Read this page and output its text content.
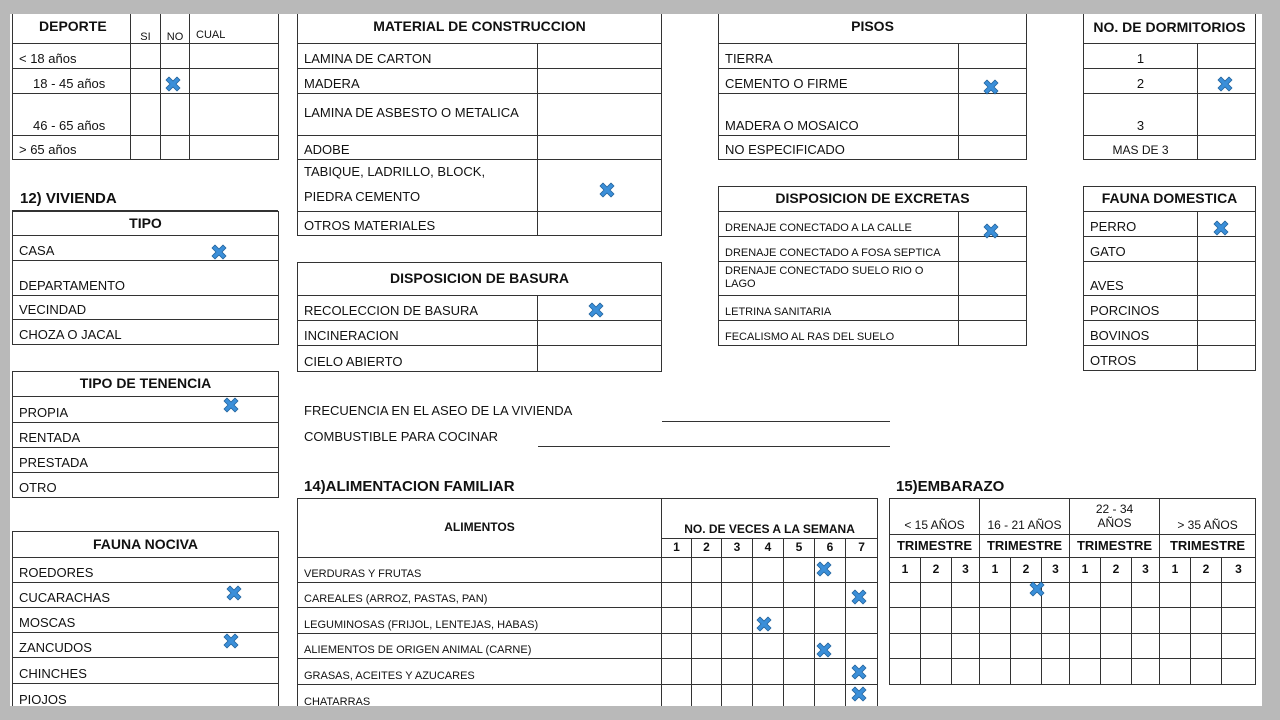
DEPORTE	SI	NO	CUAL
< 18 años			
18 - 45 años			
46 - 65 años			
> 65 años			
MATERIAL DE CONSTRUCCION	
LAMINA DE CARTON	
MADERA	
LAMINA DE ASBESTO O METALICA	
ADOBE	
TABIQUE, LADRILLO, BLOCK, PIEDRA CEMENTO	
OTROS MATERIALES	
PISOS	
TIERRA	
CEMENTO O FIRME	
MADERA O MOSAICO	
NO ESPECIFICADO	
NO. DE DORMITORIOS	
1	
2	
3	
MAS DE 3	
12) VIVIENDA
TIPO
CASA
DEPARTAMENTO
VECINDAD
CHOZA O JACAL
TIPO DE TENENCIA
PROPIA
RENTADA
PRESTADA
OTRO
FAUNA NOCIVA
ROEDORES
CUCARACHAS
MOSCAS
ZANCUDOS
CHINCHES
PIOJOS
DISPOSICION DE BASURA	
RECOLECCION DE BASURA	
INCINERACION	
CIELO ABIERTO	
DISPOSICION DE EXCRETAS	
DRENAJE CONECTADO A LA CALLE	
DRENAJE CONECTADO A FOSA SEPTICA	
DRENAJE CONECTADO SUELO RIO O LAGO	
LETRINA SANITARIA	
FECALISMO AL RAS DEL SUELO	
FAUNA DOMESTICA	
PERRO	
GATO	
AVES	
PORCINOS	
BOVINOS	
OTROS	
FRECUENCIA EN EL ASEO DE LA VIVIENDA
COMBUSTIBLE PARA COCINAR
14)ALIMENTACION FAMILIAR
ALIMENTOS	NO. DE VECES A LA SEMANA						
	1	2	3	4	5	6	7
VERDURAS Y FRUTAS							
CAREALES (ARROZ, PASTAS, PAN)							
LEGUMINOSAS (FRIJOL, LENTEJAS, HABAS)							
ALIEMENTOS DE ORIGEN ANIMAL (CARNE)							
GRASAS, ACEITES Y AZUCARES							
CHATARRAS							
15)EMBARAZO
< 15 AÑOS			16 - 21 AÑOS			22 - 34 AÑOS			> 35 AÑOS		
TRIMESTRE			TRIMESTRE			TRIMESTRE			TRIMESTRE		
1	2	3	1	2	3	1	2	3	1	2	3
